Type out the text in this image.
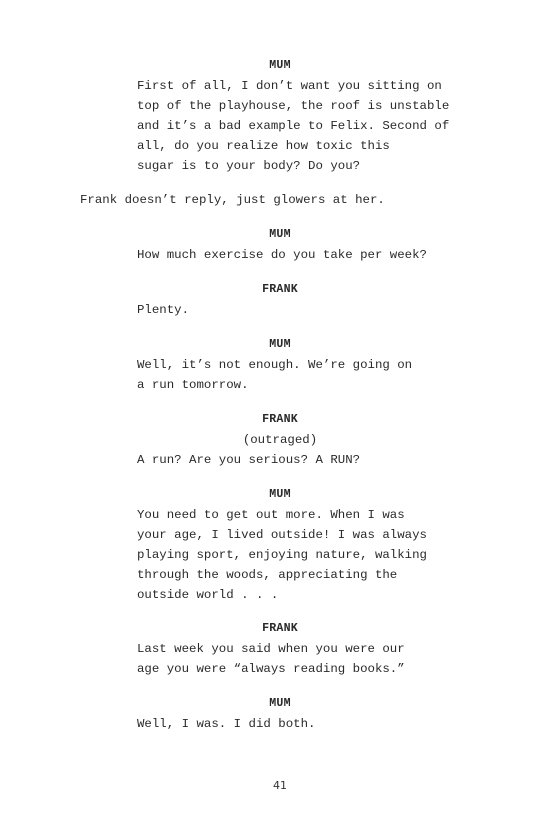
MUM
First of all, I don’t want you sitting on
top of the playhouse, the roof is unstable
and it’s a bad example to Felix. Second of
all, do you realize how toxic this
sugar is to your body? Do you?
Frank doesn’t reply, just glowers at her.
MUM
How much exercise do you take per week?
FRANK
Plenty.
MUM
Well, it’s not enough. We’re going on
a run tomorrow.
FRANK
(outraged)
A run? Are you serious? A RUN?
MUM
You need to get out more. When I was
your age, I lived outside! I was always
playing sport, enjoying nature, walking
through the woods, appreciating the
outside world . . .
FRANK
Last week you said when you were our
age you were “always reading books.”
MUM
Well, I was. I did both.
41
